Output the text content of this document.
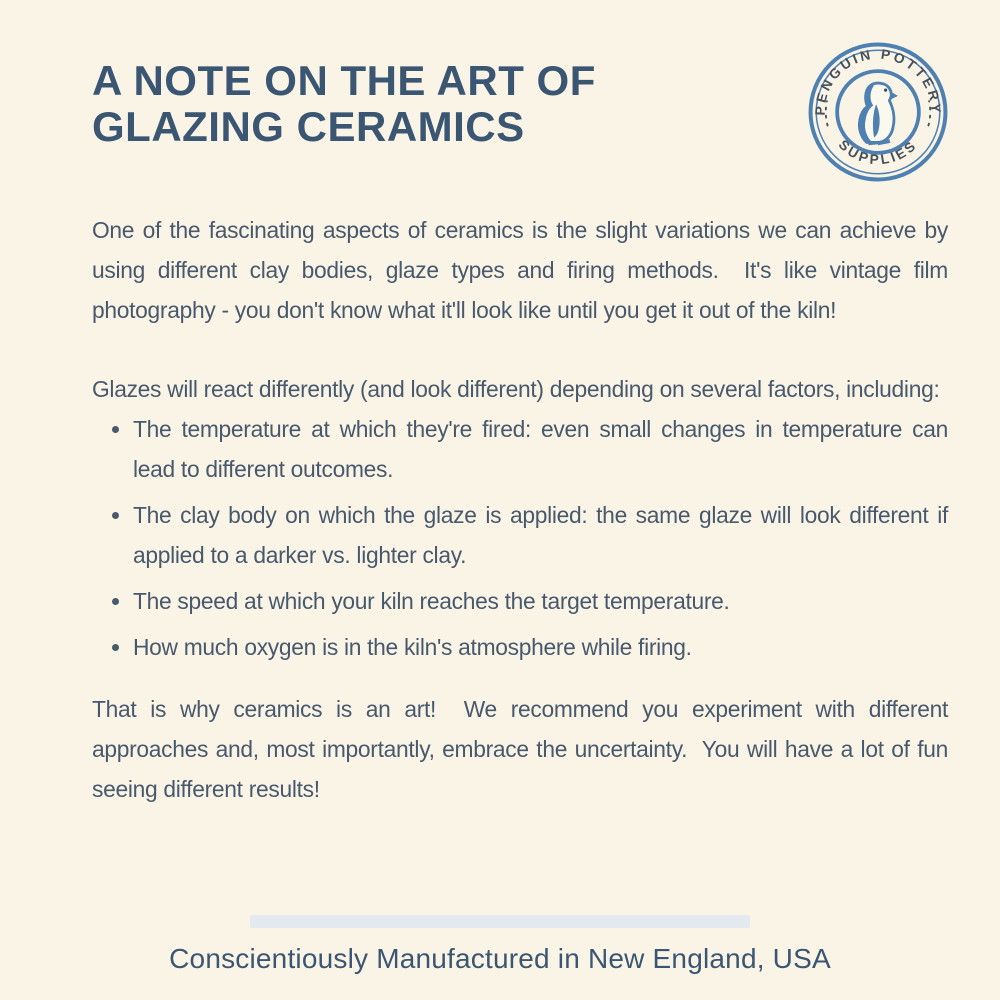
A NOTE ON THE ART OF
GLAZING CERAMICS

One of the fascinating aspects of ceramics is the slight variations we can achieve by using different clay bodies, glaze types and firing methods.  It's like vintage film photography - you don't know what it'll look like until you get it out of the kiln!

Glazes will react differently (and look different) depending on several factors, including:

• The temperature at which they're fired: even small changes in temperature can lead to different outcomes.
• The clay body on which the glaze is applied: the same glaze will look different if applied to a darker vs. lighter clay.
• The speed at which your kiln reaches the target temperature.
• How much oxygen is in the kiln's atmosphere while firing.

That is why ceramics is an art!  We recommend you experiment with different approaches and, most importantly, embrace the uncertainty.  You will have a lot of fun seeing different results!

PENGUIN POTTERY
SUPPLIES
Conscientiously Manufactured in New England, USA
